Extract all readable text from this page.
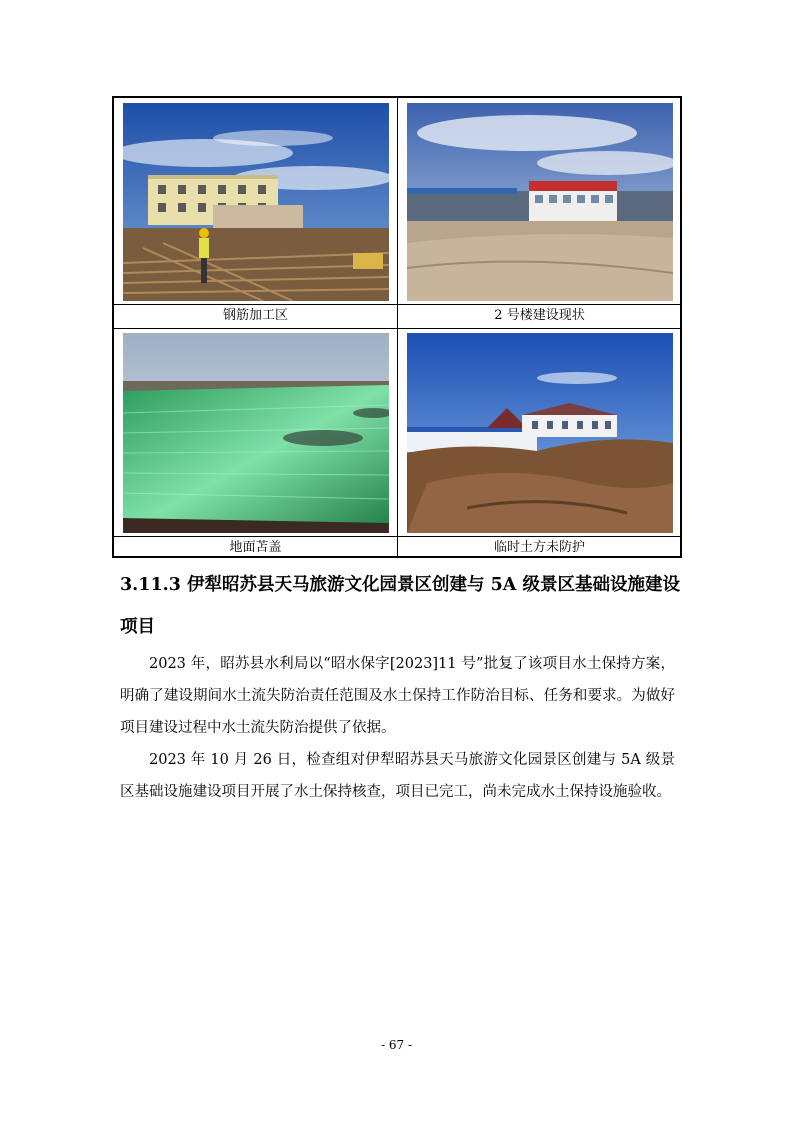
钢筋加工区	2 号楼建设现状
地面苫盖	临时土方未防护
3.11.3 伊犁昭苏县天马旅游文化园景区创建与 5A 级景区基础设施建设项目
2023 年，昭苏县水利局以“昭水保字[2023]11 号”批复了该项目水土保持方案，明确了建设期间水土流失防治责任范围及水土保持工作防治目标、任务和要求。为做好项目建设过程中水土流失防治提供了依据。
2023 年 10 月 26 日，检查组对伊犁昭苏县天马旅游文化园景区创建与 5A 级景区基础设施建设项目开展了水土保持核查，项目已完工，尚未完成水土保持设施验收。
- 67 -
